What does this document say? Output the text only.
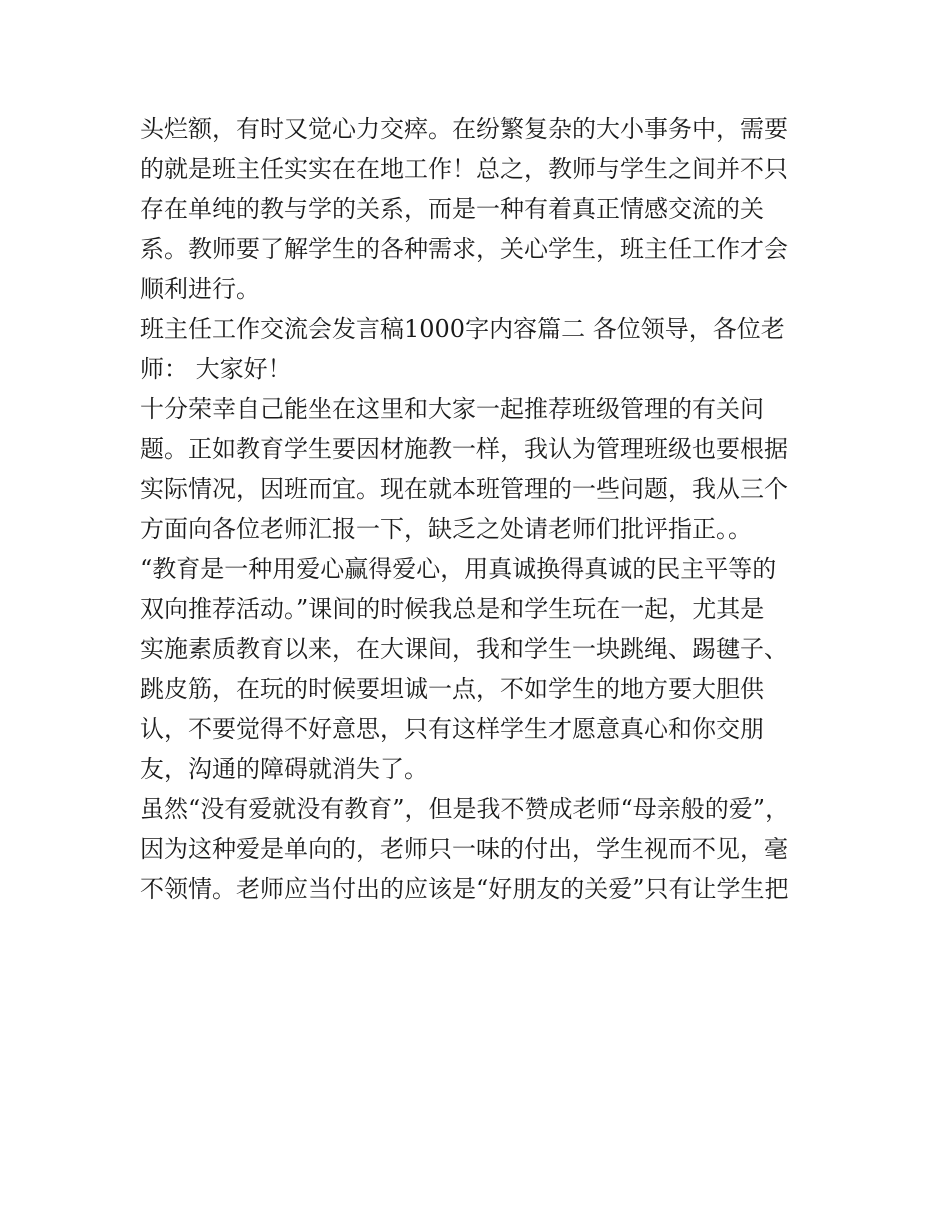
头烂额，有时又觉心力交瘁。在纷繁复杂的大小事务中，需要
的就是班主任实实在在地工作！总之，教师与学生之间并不只
存在单纯的教与学的关系，而是一种有着真正情感交流的关
系。教师要了解学生的各种需求，关心学生，班主任工作才会
顺利进行。
班主任工作交流会发言稿1000字内容篇二 各位领导，各位老
师： 大家好！
十分荣幸自己能坐在这里和大家一起推荐班级管理的有关问
题。正如教育学生要因材施教一样，我认为管理班级也要根据
实际情况，因班而宜。现在就本班管理的一些问题，我从三个
方面向各位老师汇报一下，缺乏之处请老师们批评指正。。
“教育是一种用爱心赢得爱心，用真诚换得真诚的民主平等的
双向推荐活动。”课间的时候我总是和学生玩在一起，尤其是
实施素质教育以来，在大课间，我和学生一块跳绳、踢毽子、
跳皮筋，在玩的时候要坦诚一点，不如学生的地方要大胆供
认，不要觉得不好意思，只有这样学生才愿意真心和你交朋
友，沟通的障碍就消失了。
虽然“没有爱就没有教育”，但是我不赞成老师“母亲般的爱”，
因为这种爱是单向的，老师只一味的付出，学生视而不见，毫
不领情。老师应当付出的应该是“好朋友的关爱”只有让学生把
